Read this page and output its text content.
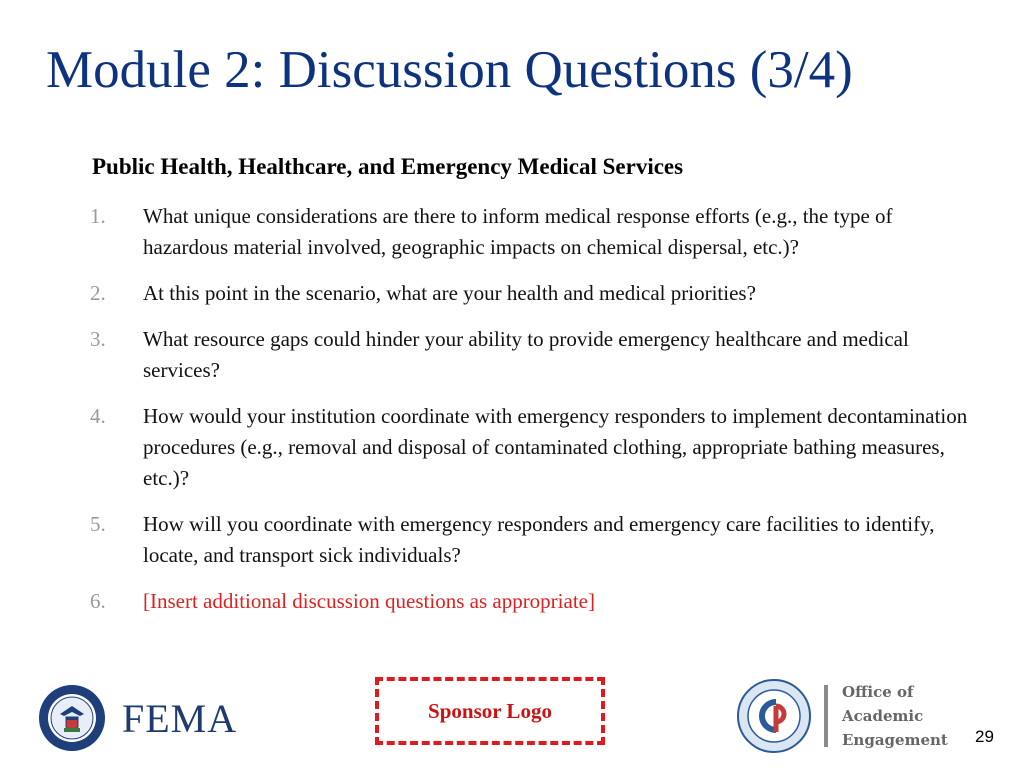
Module 2: Discussion Questions (3/4)
Public Health, Healthcare, and Emergency Medical Services
1.	What unique considerations are there to inform medical response efforts (e.g., the type of hazardous material involved, geographic impacts on chemical dispersal, etc.)?
2.	At this point in the scenario, what are your health and medical priorities?
3.	What resource gaps could hinder your ability to provide emergency healthcare and medical services?
4.	How would your institution coordinate with emergency responders to implement decontamination procedures (e.g., removal and disposal of contaminated clothing, appropriate bathing measures, etc.)?
5.	How will you coordinate with emergency responders and emergency care facilities to identify, locate, and transport sick individuals?
6.	[Insert additional discussion questions as appropriate]
FEMA	Sponsor Logo
Office of
Academic
Engagement 29
